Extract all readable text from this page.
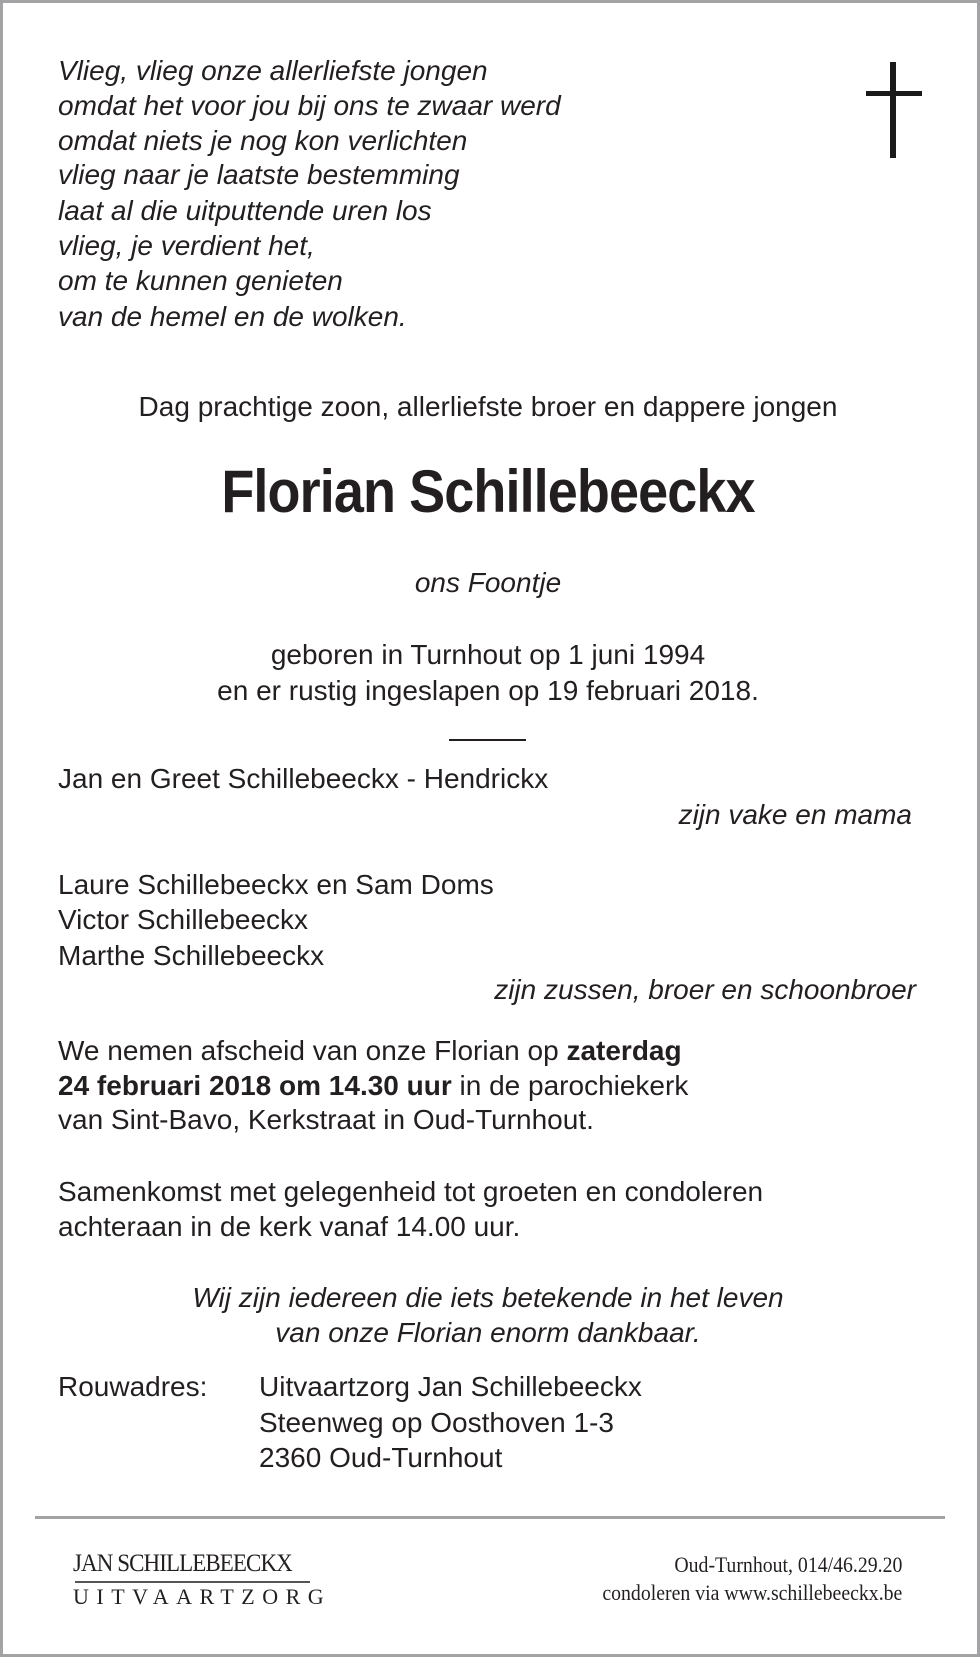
Vlieg, vlieg onze allerliefste jongen
omdat het voor jou bij ons te zwaar werd
omdat niets je nog kon verlichten
vlieg naar je laatste bestemming
laat al die uitputtende uren los
vlieg, je verdient het,
om te kunnen genieten
van de hemel en de wolken.
Dag prachtige zoon, allerliefste broer en dappere jongen
Florian Schillebeeckx
ons Foontje
geboren in Turnhout op 1 juni 1994
en er rustig ingeslapen op 19 februari 2018.
Jan en Greet Schillebeeckx - Hendrickx
zijn vake en mama
Laure Schillebeeckx en Sam Doms
Victor Schillebeeckx
Marthe Schillebeeckx
zijn zussen, broer en schoonbroer
We nemen afscheid van onze Florian op zaterdag
24 februari 2018 om 14.30 uur in de parochiekerk
van Sint-Bavo, Kerkstraat in Oud-Turnhout.
Samenkomst met gelegenheid tot groeten en condoleren
achteraan in de kerk vanaf 14.00 uur.
Wij zijn iedereen die iets betekende in het leven
van onze Florian enorm dankbaar.
Rouwadres: Uitvaartzorg Jan Schillebeeckx
Steenweg op Oosthoven 1-3
2360 Oud-Turnhout
JAN SCHILLEBEECKX
UITVAARTZORG
Oud-Turnhout, 014/46.29.20
condoleren via www.schillebeeckx.be
